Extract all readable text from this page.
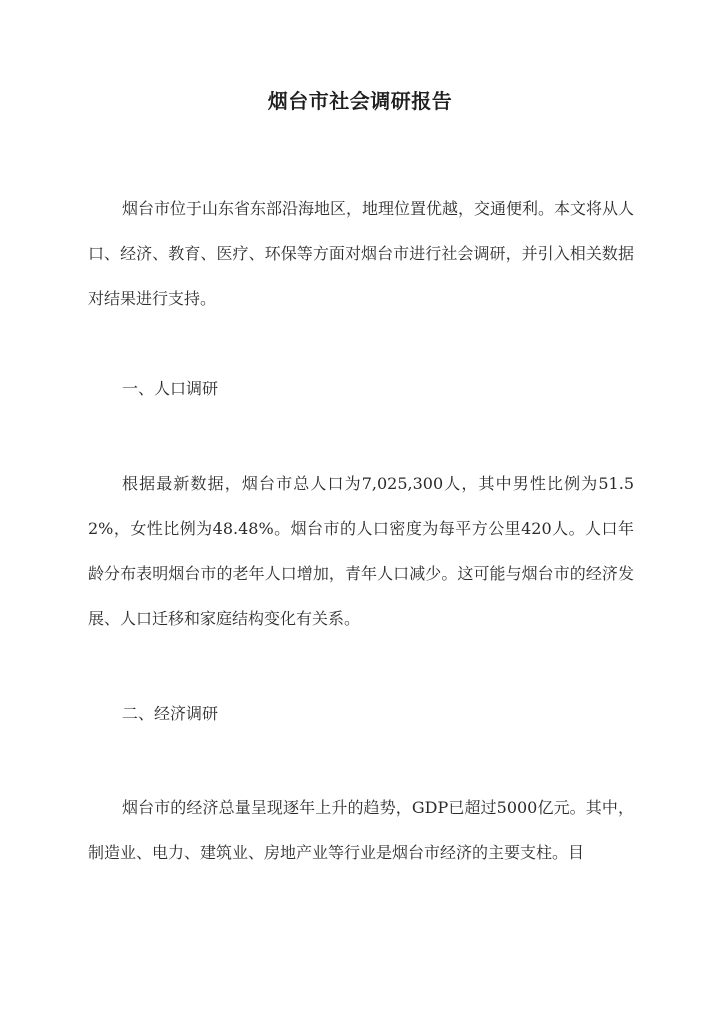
烟台市社会调研报告

烟台市位于山东省东部沿海地区，地理位置优越，交通便利。本文将从人口、经济、教育、医疗、环保等方面对烟台市进行社会调研，并引入相关数据对结果进行支持。

一、人口调研

根据最新数据，烟台市总人口为7,025,300人，其中男性比例为51.52%，女性比例为48.48%。烟台市的人口密度为每平方公里420人。人口年龄分布表明烟台市的老年人口增加，青年人口减少。这可能与烟台市的经济发展、人口迁移和家庭结构变化有关系。

二、经济调研

烟台市的经济总量呈现逐年上升的趋势，GDP已超过5000亿元。其中，制造业、电力、建筑业、房地产业等行业是烟台市经济的主要支柱。目
